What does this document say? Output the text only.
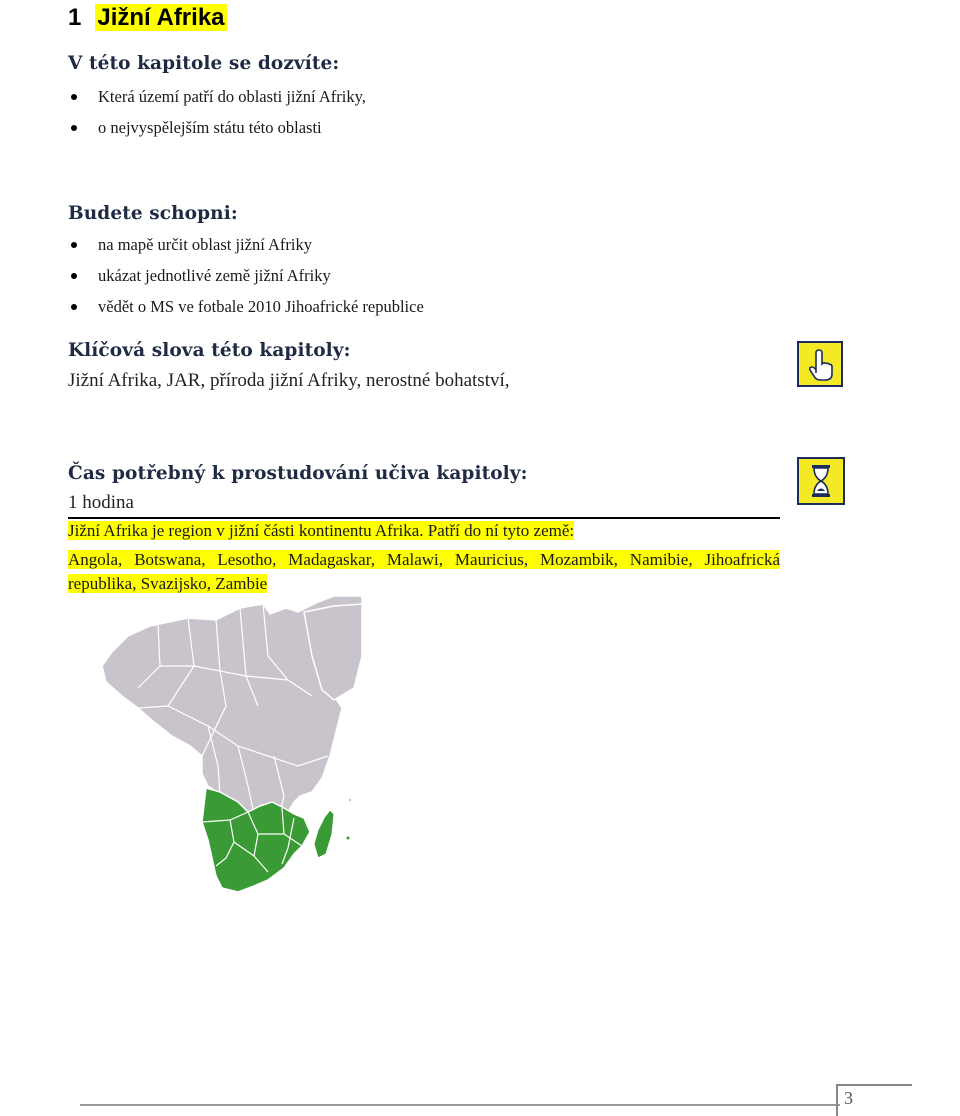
1 Jižní Afrika
V této kapitole se dozvíte:
Která území patří do oblasti jižní Afriky,
o nejvyspělejším státu této oblasti
Budete schopni:
na mapě určit oblast jižní Afriky
ukázat jednotlivé země jižní Afriky
vědět o MS ve fotbale 2010 Jihoafrické republice
Klíčová slova této kapitoly:
Jižní Afrika, JAR, příroda jižní Afriky, nerostné bohatství,
Čas potřebný k prostudování učiva kapitoly:
1 hodina
Jižní Afrika je region v jižní části kontinentu Afrika. Patří do ní tyto země:
Angola, Botswana, Lesotho, Madagaskar, Malawi, Mauricius, Mozambik, Namibie, Jihoafrická republika, Svazijsko, Zambie
3
